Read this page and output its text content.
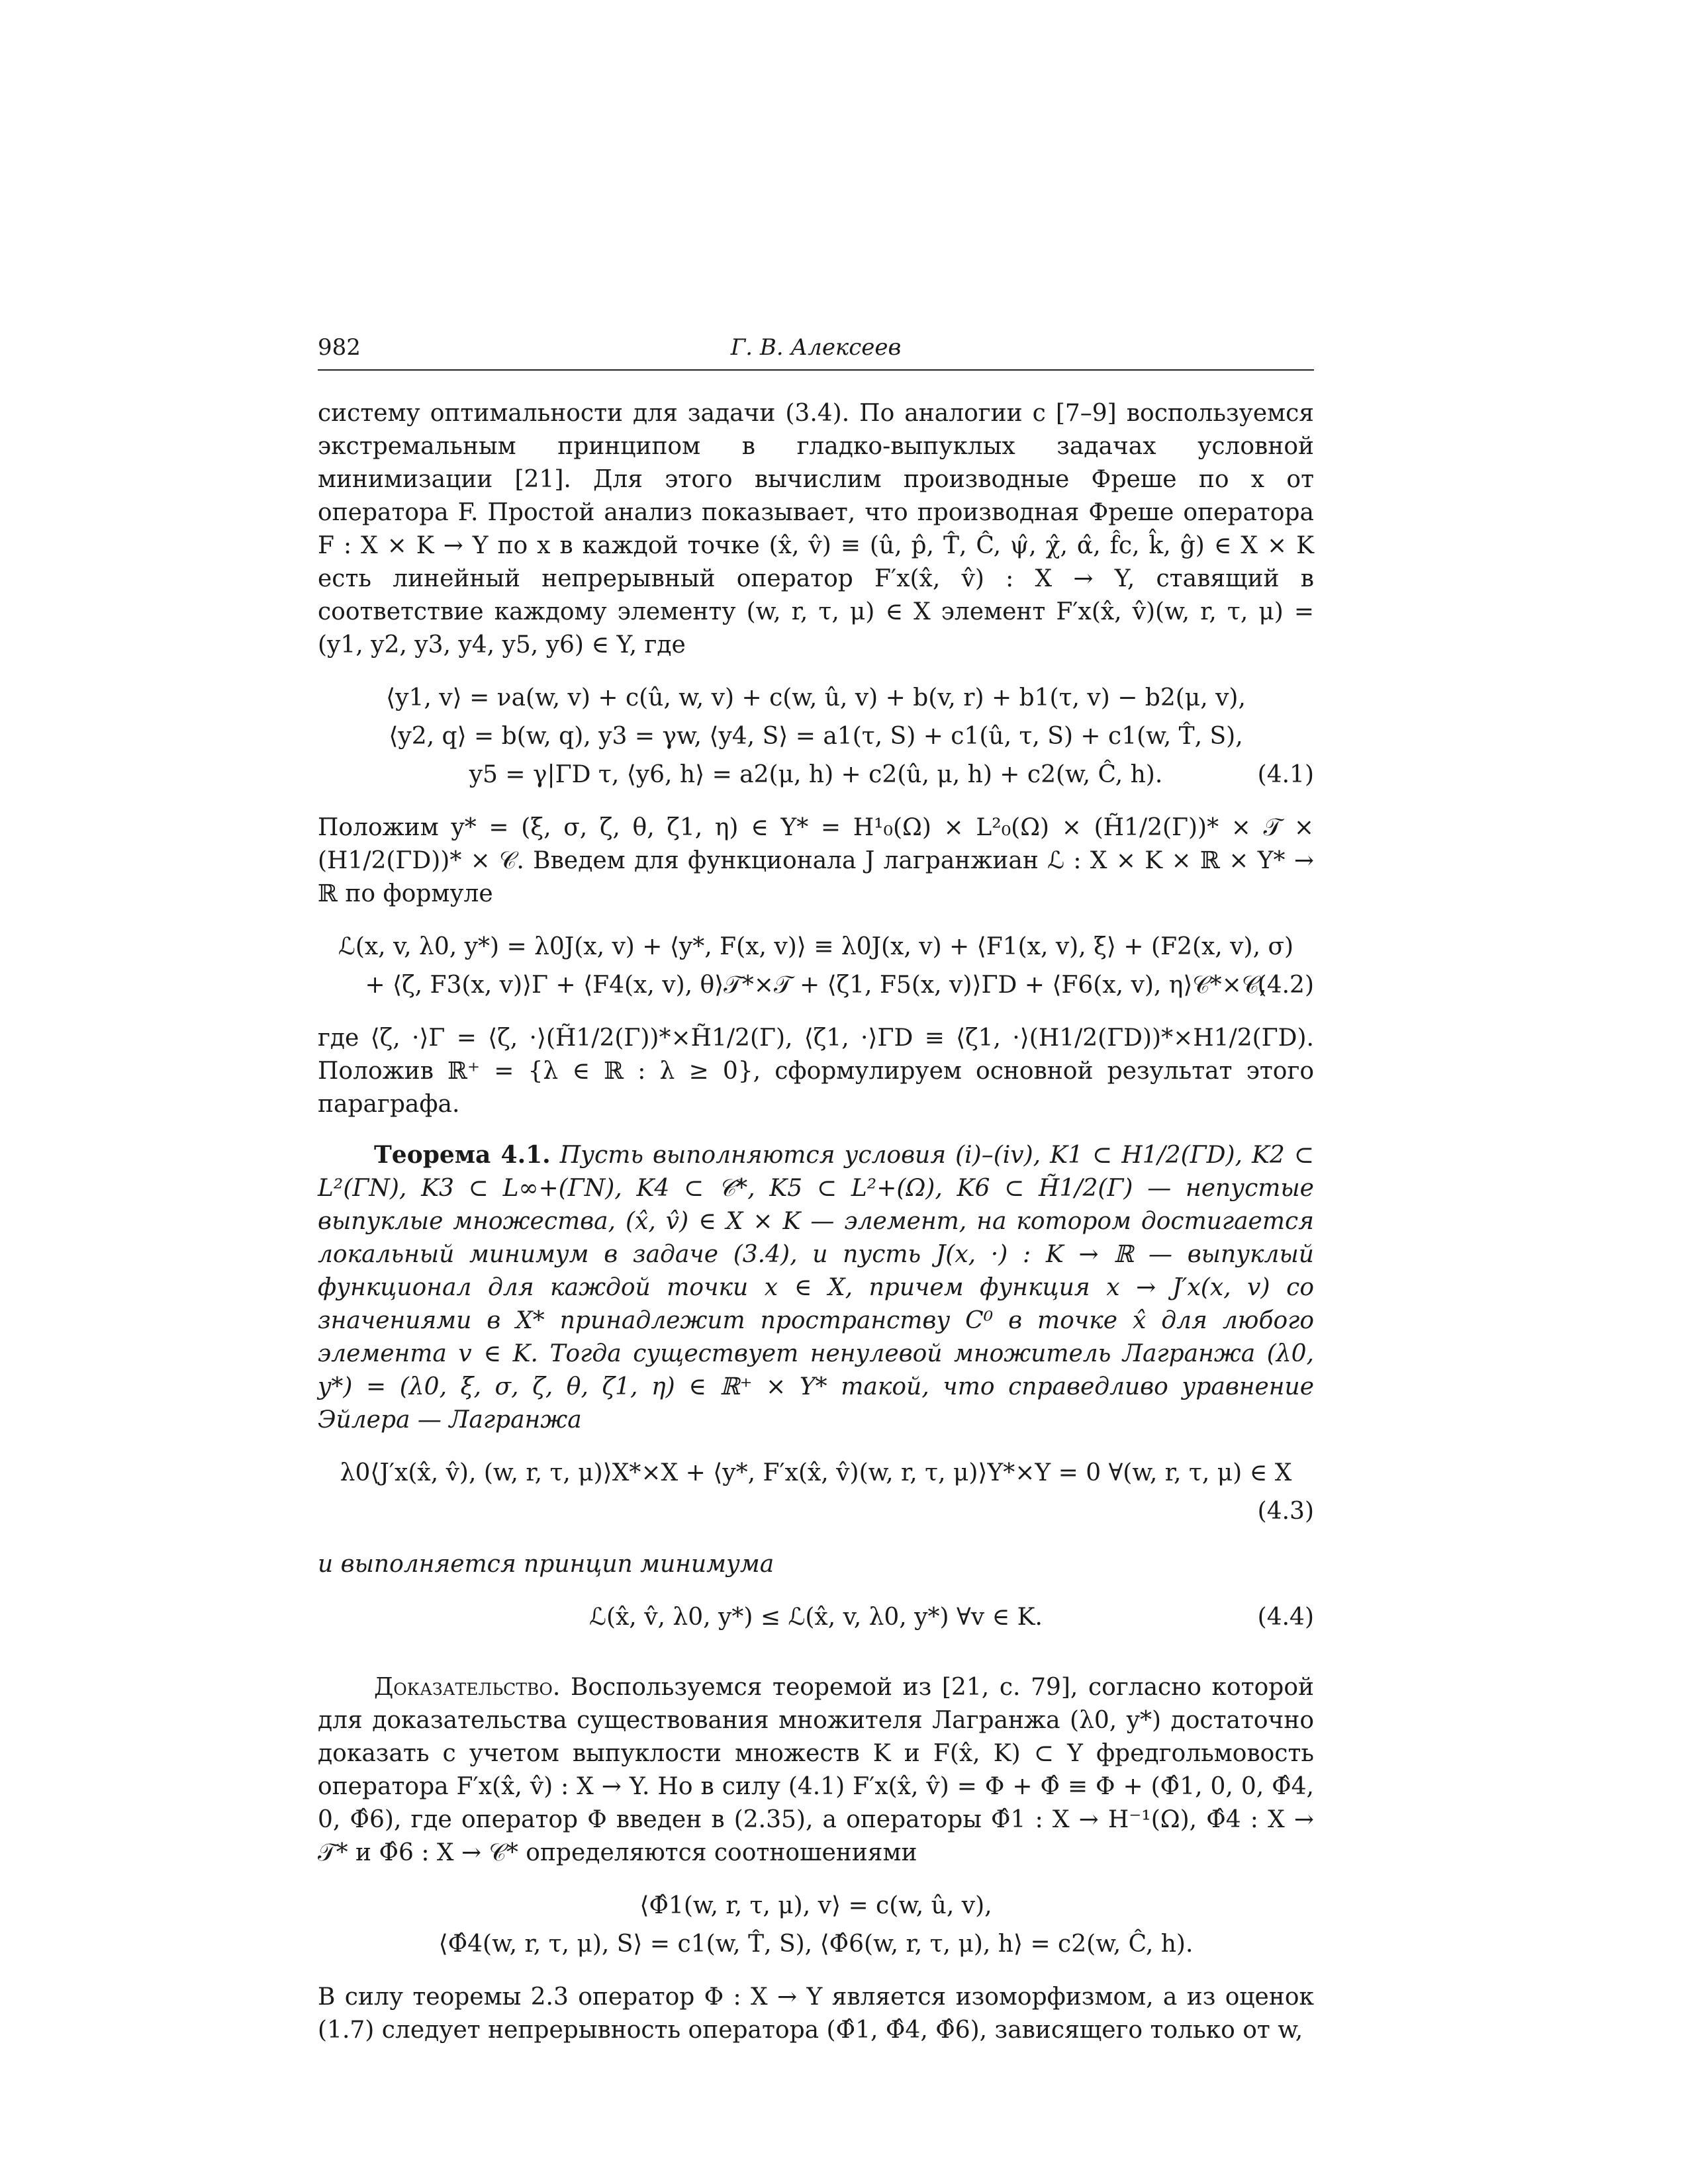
982	Г. В. Алексеев

систему оптимальности для задачи (3.4). По аналогии с [7–9] воспользуемся экстремальным принципом в гладко-выпуклых задачах условной минимизации [21]. Для этого вычислим производные Фреше по x от оператора F. Простой анализ показывает, что производная Фреше оператора F : X × K → Y по x в каждой точке (x̂, v̂) ≡ (û, p̂, T̂, Ĉ, ψ̂, χ̂, α̂, f̂c, k̂, ĝ) ∈ X × K есть линейный непрерывный оператор F′x(x̂, v̂) : X → Y, ставящий в соответствие каждому элементу (w, r, τ, μ) ∈ X элемент F′x(x̂, v̂)(w, r, τ, μ) = (y1, y2, y3, y4, y5, y6) ∈ Y, где

⟨y1, v⟩ = νa(w, v) + c(û, w, v) + c(w, û, v) + b(v, r) + b1(τ, v) − b2(μ, v),
⟨y2, q⟩ = b(w, q), y3 = γw, ⟨y4, S⟩ = a1(τ, S) + c1(û, τ, S) + c1(w, T̂, S),
y5 = γ|ΓD τ, ⟨y6, h⟩ = a2(μ, h) + c2(û, μ, h) + c2(w, Ĉ, h).	(4.1)

Положим y* = (ξ, σ, ζ, θ, ζ1, η) ∈ Y* = H¹₀(Ω) × L²₀(Ω) × (H̃1/2(Γ))* × 𝒯 × (H1/2(ΓD))* × 𝒞. Введем для функционала J лагранжиан ℒ : X × K × ℝ × Y* → ℝ по формуле

ℒ(x, v, λ0, y*) = λ0J(x, v) + ⟨y*, F(x, v)⟩ ≡ λ0J(x, v) + ⟨F1(x, v), ξ⟩ + (F2(x, v), σ)
+ ⟨ζ, F3(x, v)⟩Γ + ⟨F4(x, v), θ⟩𝒯*×𝒯 + ⟨ζ1, F5(x, v)⟩ΓD + ⟨F6(x, v), η⟩𝒞*×𝒞,
(4.2)

где ⟨ζ, ·⟩Γ = ⟨ζ, ·⟩(H̃1/2(Γ))*×H̃1/2(Γ), ⟨ζ1, ·⟩ΓD ≡ ⟨ζ1, ·⟩(H1/2(ΓD))*×H1/2(ΓD). Положив ℝ⁺ = {λ ∈ ℝ : λ ≥ 0}, сформулируем основной результат этого параграфа.

Теорема 4.1. Пусть выполняются условия (i)–(iv), K1 ⊂ H1/2(ΓD), K2 ⊂ L²(ΓN), K3 ⊂ L∞+(ΓN), K4 ⊂ 𝒞*, K5 ⊂ L²+(Ω), K6 ⊂ H̃1/2(Γ) — непустые выпуклые множества, (x̂, v̂) ∈ X × K — элемент, на котором достигается локальный минимум в задаче (3.4), и пусть J(x, ·) : K → ℝ — выпуклый функционал для каждой точки x ∈ X, причем функция x → J′x(x, v) со значениями в X* принадлежит пространству C⁰ в точке x̂ для любого элемента v ∈ K. Тогда существует ненулевой множитель Лагранжа (λ0, y*) = (λ0, ξ, σ, ζ, θ, ζ1, η) ∈ ℝ⁺ × Y* такой, что справедливо уравнение Эйлера — Лагранжа

λ0⟨J′x(x̂, v̂), (w, r, τ, μ)⟩X*×X + ⟨y*, F′x(x̂, v̂)(w, r, τ, μ)⟩Y*×Y = 0 ∀(w, r, τ, μ) ∈ X
(4.3)

и выполняется принцип минимума

ℒ(x̂, v̂, λ0, y*) ≤ ℒ(x̂, v, λ0, y*) ∀v ∈ K.	(4.4)

Доказательство. Воспользуемся теоремой из [21, с. 79], согласно которой для доказательства существования множителя Лагранжа (λ0, y*) достаточно доказать с учетом выпуклости множеств K и F(x̂, K) ⊂ Y фредгольмовость оператора F′x(x̂, v̂) : X → Y. Но в силу (4.1) F′x(x̂, v̂) = Φ + Φ̂ ≡ Φ + (Φ̂1, 0, 0, Φ̂4, 0, Φ̂6), где оператор Φ введен в (2.35), а операторы Φ̂1 : X → H⁻¹(Ω), Φ̂4 : X → 𝒯* и Φ̂6 : X → 𝒞* определяются соотношениями

⟨Φ̂1(w, r, τ, μ), v⟩ = c(w, û, v),
⟨Φ̂4(w, r, τ, μ), S⟩ = c1(w, T̂, S), ⟨Φ̂6(w, r, τ, μ), h⟩ = c2(w, Ĉ, h).

В силу теоремы 2.3 оператор Φ : X → Y является изоморфизмом, а из оценок (1.7) следует непрерывность оператора (Φ̂1, Φ̂4, Φ̂6), зависящего только от w,
